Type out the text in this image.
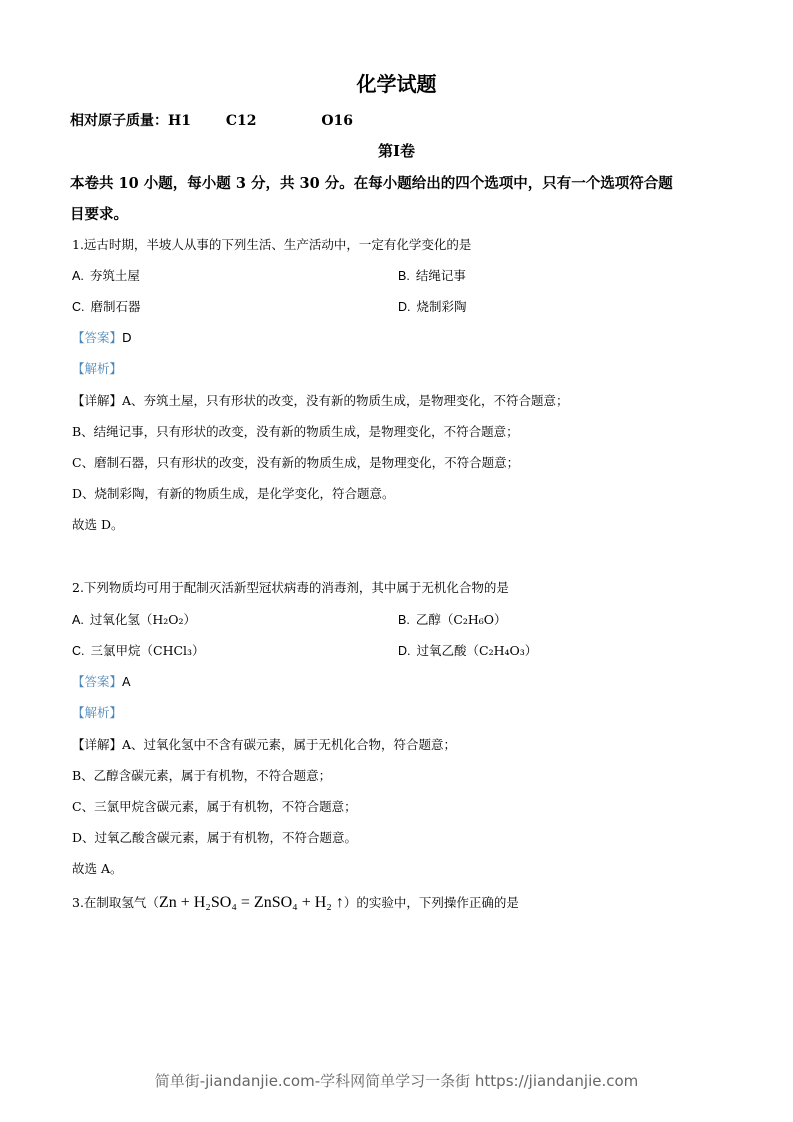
化学试题
相对原子质量：H1 C12	O16
第Ⅰ卷
本卷共 10 小题，每小题 3 分，共 30 分。在每小题给出的四个选项中，只有一个选项符合题
目要求。
1.远古时期，半坡人从事的下列生活、生产活动中，一定有化学变化的是
A. 夯筑土屋	B. 结绳记事
C. 磨制石器	D. 烧制彩陶
【答案】D
【解析】
【详解】A、夯筑土屋，只有形状的改变，没有新的物质生成，是物理变化，不符合题意；
B、结绳记事，只有形状的改变，没有新的物质生成，是物理变化，不符合题意；
C、磨制石器，只有形状的改变，没有新的物质生成，是物理变化，不符合题意；
D、烧制彩陶，有新的物质生成，是化学变化，符合题意。
故选 D。
2.下列物质均可用于配制灭活新型冠状病毒的消毒剂，其中属于无机化合物的是
A. 过氧化氢（H₂O₂）	B. 乙醇（C₂H₆O）
C. 三氯甲烷（CHCl₃）	D. 过氧乙酸（C₂H₄O₃）
【答案】A
【解析】
【详解】A、过氧化氢中不含有碳元素，属于无机化合物，符合题意；
B、乙醇含碳元素，属于有机物，不符合题意；
C、三氯甲烷含碳元素，属于有机物，不符合题意；
D、过氧乙酸含碳元素，属于有机物，不符合题意。
故选 A。
3.在制取氢气（Zn + H₂SO₄ = ZnSO₄ + H₂ ↑）的实验中，下列操作正确的是
简单街-jiandanjie.com-学科网简单学习一条街 https://jiandanjie.com
